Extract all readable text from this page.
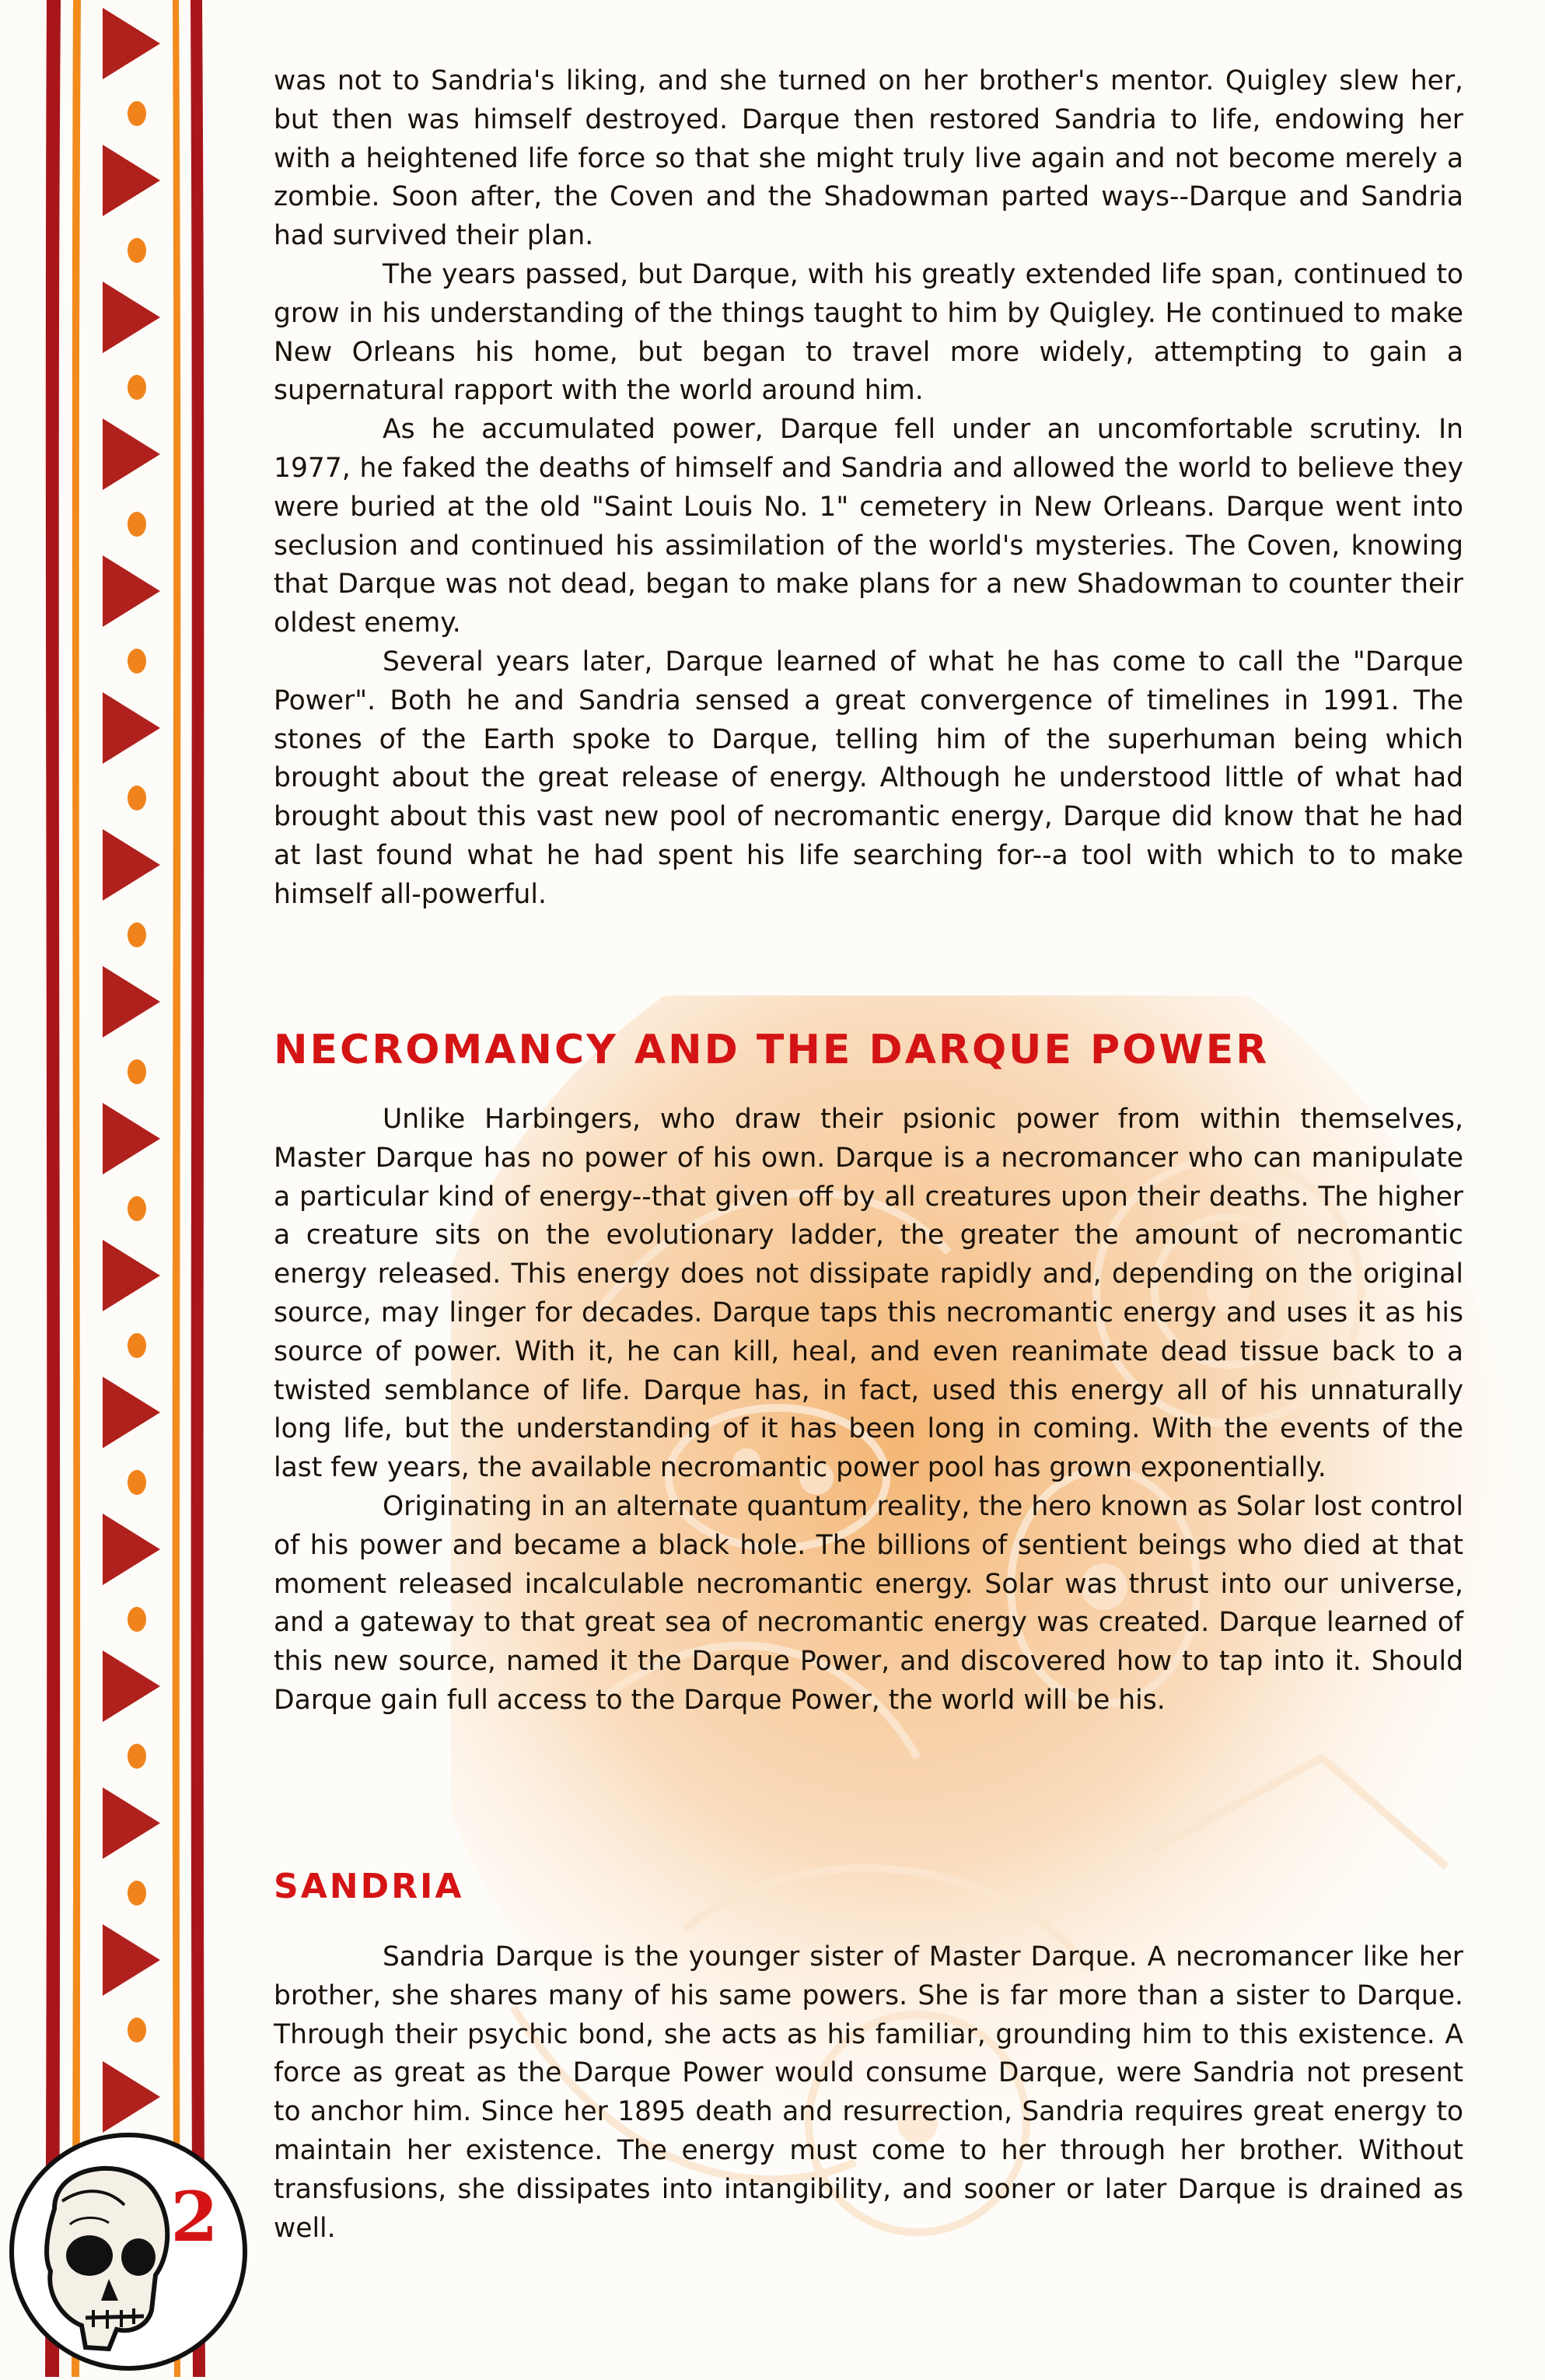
was not to Sandria's liking, and she turned on her brother's mentor. Quigley slew her, but then was himself destroyed. Darque then restored Sandria to life, endowing her with a heightened life force so that she might truly live again and not become merely a zombie. Soon after, the Coven and the Shadowman parted ways--Darque and Sandria had survived their plan.

The years passed, but Darque, with his greatly extended life span, continued to grow in his understanding of the things taught to him by Quigley. He continued to make New Orleans his home, but began to travel more widely, attempting to gain a supernatural rapport with the world around him.

As he accumulated power, Darque fell under an uncomfortable scrutiny. In 1977, he faked the deaths of himself and Sandria and allowed the world to believe they were buried at the old "Saint Louis No. 1" cemetery in New Orleans. Darque went into seclusion and continued his assimilation of the world's mysteries. The Coven, knowing that Darque was not dead, began to make plans for a new Shadowman to counter their oldest enemy.

Several years later, Darque learned of what he has come to call the "Darque Power". Both he and Sandria sensed a great convergence of timelines in 1991. The stones of the Earth spoke to Darque, telling him of the superhuman being which brought about the great release of energy. Although he understood little of what had brought about this vast new pool of necromantic energy, Darque did know that he had at last found what he had spent his life searching for--a tool with which to to make himself all-powerful.

NECROMANCY AND THE DARQUE POWER

Unlike Harbingers, who draw their psionic power from within themselves, Master Darque has no power of his own. Darque is a necromancer who can manipulate a particular kind of energy--that given off by all creatures upon their deaths. The higher a creature sits on the evolutionary ladder, the greater the amount of necromantic energy released. This energy does not dissipate rapidly and, depending on the original source, may linger for decades. Darque taps this necromantic energy and uses it as his source of power. With it, he can kill, heal, and even reanimate dead tissue back to a twisted semblance of life. Darque has, in fact, used this energy all of his unnaturally long life, but the understanding of it has been long in coming. With the events of the last few years, the available necromantic power pool has grown exponentially.

Originating in an alternate quantum reality, the hero known as Solar lost control of his power and became a black hole. The billions of sentient beings who died at that moment released incalculable necromantic energy. Solar was thrust into our universe, and a gateway to that great sea of necromantic energy was created. Darque learned of this new source, named it the Darque Power, and discovered how to tap into it. Should Darque gain full access to the Darque Power, the world will be his.

SANDRIA

Sandria Darque is the younger sister of Master Darque. A necromancer like her brother, she shares many of his same powers. She is far more than a sister to Darque. Through their psychic bond, she acts as his familiar, grounding him to this existence. A force as great as the Darque Power would consume Darque, were Sandria not present to anchor him. Since her 1895 death and resurrection, Sandria requires great energy to maintain her existence. The energy must come to her through her brother. Without transfusions, she dissipates into intangibility, and sooner or later Darque is drained as well.

2
